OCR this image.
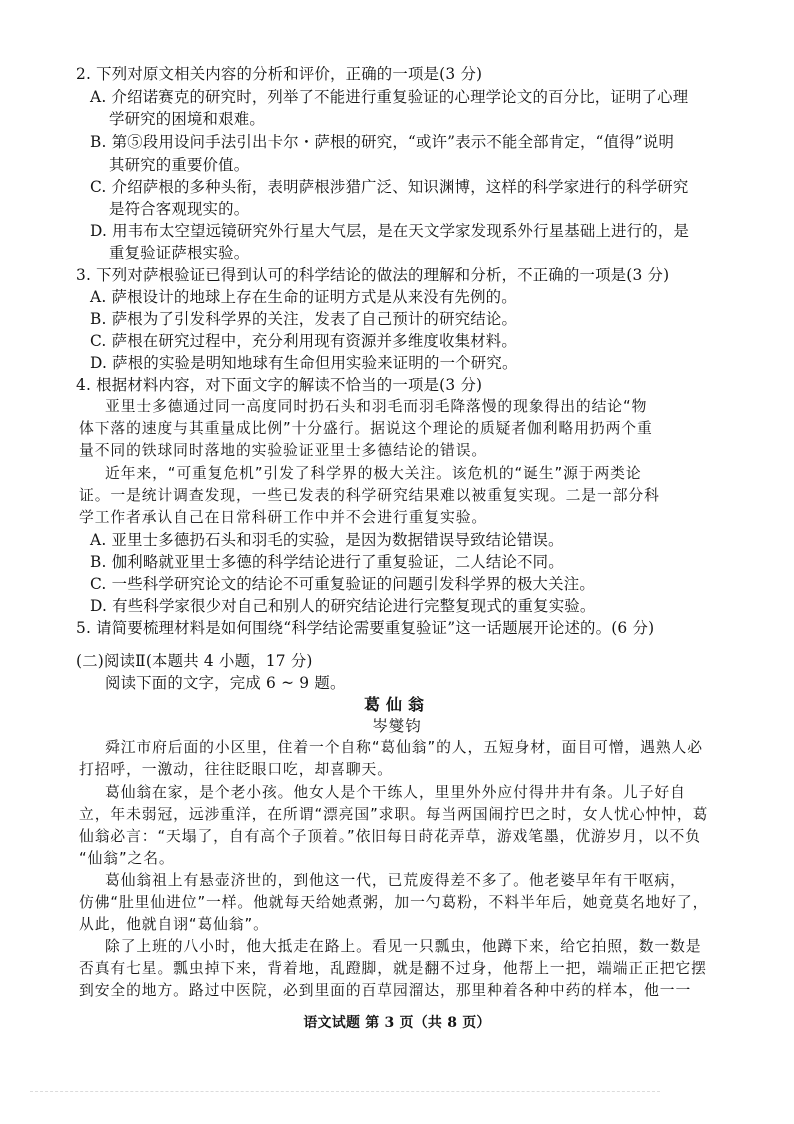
2. 下列对原文相关内容的分析和评价，正确的一项是(3 分)
A. 介绍诺赛克的研究时，列举了不能进行重复验证的心理学论文的百分比，证明了心理
学研究的困境和艰难。
B. 第⑤段用设问手法引出卡尔・萨根的研究，“或许”表示不能全部肯定，“值得”说明
其研究的重要价值。
C. 介绍萨根的多种头衔，表明萨根涉猎广泛、知识渊博，这样的科学家进行的科学研究
是符合客观现实的。
D. 用韦布太空望远镜研究外行星大气层，是在天文学家发现系外行星基础上进行的，是
重复验证萨根实验。
3. 下列对萨根验证已得到认可的科学结论的做法的理解和分析，不正确的一项是(3 分)
A. 萨根设计的地球上存在生命的证明方式是从来没有先例的。
B. 萨根为了引发科学界的关注，发表了自己预计的研究结论。
C. 萨根在研究过程中，充分利用现有资源并多维度收集材料。
D. 萨根的实验是明知地球有生命但用实验来证明的一个研究。
4. 根据材料内容，对下面文字的解读不恰当的一项是(3 分)
亚里士多德通过同一高度同时扔石头和羽毛而羽毛降落慢的现象得出的结论“物
体下落的速度与其重量成比例”十分盛行。据说这个理论的质疑者伽利略用扔两个重
量不同的铁球同时落地的实验验证亚里士多德结论的错误。
近年来，“可重复危机”引发了科学界的极大关注。该危机的“诞生”源于两类论
证。一是统计调查发现，一些已发表的科学研究结果难以被重复实现。二是一部分科
学工作者承认自己在日常科研工作中并不会进行重复实验。
A. 亚里士多德扔石头和羽毛的实验，是因为数据错误导致结论错误。
B. 伽利略就亚里士多德的科学结论进行了重复验证，二人结论不同。
C. 一些科学研究论文的结论不可重复验证的问题引发科学界的极大关注。
D. 有些科学家很少对自己和别人的研究结论进行完整复现式的重复实验。
5. 请简要梳理材料是如何围绕“科学结论需要重复验证”这一话题展开论述的。(6 分)
(二)阅读Ⅱ(本题共 4 小题，17 分)
阅读下面的文字，完成 6 ~ 9 题。
葛仙翁
岑燮钧
舜江市府后面的小区里，住着一个自称“葛仙翁”的人，五短身材，面目可憎，遇熟人必
打招呼，一激动，往往眨眼口吃，却喜聊天。
葛仙翁在家，是个老小孩。他女人是个干练人，里里外外应付得井井有条。儿子好自
立，年未弱冠，远涉重洋，在所谓“漂亮国”求职。每当两国闹拧巴之时，女人忧心忡忡，葛
仙翁必言：“天塌了，自有高个子顶着。”依旧每日莳花弄草，游戏笔墨，优游岁月，以不负
“仙翁”之名。
葛仙翁祖上有悬壶济世的，到他这一代，已荒废得差不多了。他老婆早年有干呕病，
仿佛“肚里仙进位”一样。他就每天给她煮粥，加一勺葛粉，不料半年后，她竟莫名地好了，
从此，他就自诩“葛仙翁”。
除了上班的八小时，他大抵走在路上。看见一只瓢虫，他蹲下来，给它拍照，数一数是
否真有七星。瓢虫掉下来，背着地，乱蹬脚，就是翻不过身，他帮上一把，端端正正把它摆
到安全的地方。路过中医院，必到里面的百草园溜达，那里种着各种中药的样本，他一一
语文试题 第 3 页（共 8 页）
